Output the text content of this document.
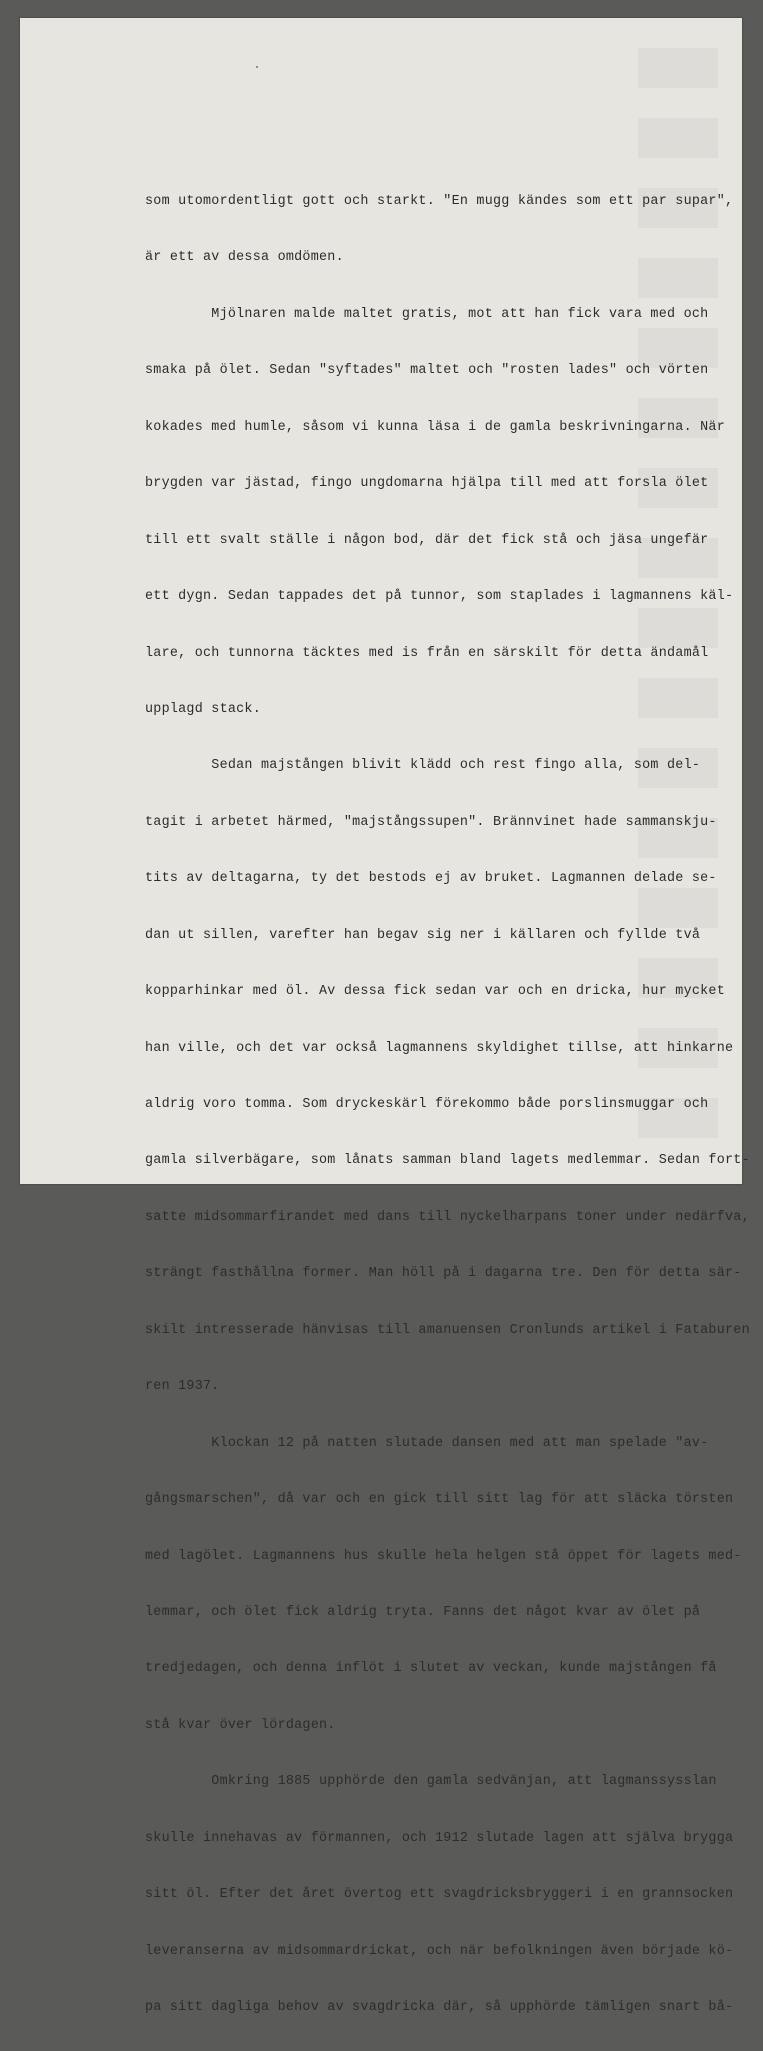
som utomordentligt gott och starkt. "En mugg kändes som ett par supar",

är ett av dessa omdömen.

Mjölnaren malde maltet gratis, mot att han fick vara med och

smaka på ölet. Sedan "syftades" maltet och "rosten lades" och vörten

kokades med humle, såsom vi kunna läsa i de gamla beskrivningarna. När

brygden var jästad, fingo ungdomarna hjälpa till med att forsla ölet

till ett svalt ställe i någon bod, där det fick stå och jäsa ungefär

ett dygn. Sedan tappades det på tunnor, som staplades i lagmannens käl-

lare, och tunnorna täcktes med is från en särskilt för detta ändamål

upplagd stack.

Sedan majstången blivit klädd och rest fingo alla, som del-

tagit i arbetet härmed, "majstångssupen". Brännvinet hade sammanskju-

tits av deltagarna, ty det bestods ej av bruket. Lagmannen delade se-

dan ut sillen, varefter han begav sig ner i källaren och fyllde två

kopparhinkar med öl. Av dessa fick sedan var och en dricka, hur mycket

han ville, och det var också lagmannens skyldighet tillse, att hinkarne

aldrig voro tomma. Som dryckeskärl förekommo både porslinsmuggar och

gamla silverbägare, som lånats samman bland lagets medlemmar. Sedan fort-

satte midsommarfirandet med dans till nyckelharpans toner under nedärfva,

strängt fasthållna former. Man höll på i dagarna tre. Den för detta sär-

skilt intresserade hänvisas till amanuensen Cronlunds artikel i Fataburen

ren 1937.

Klockan 12 på natten slutade dansen med att man spelade "av-

gångsmarschen", då var och en gick till sitt lag för att släcka törsten

med lagölet. Lagmannens hus skulle hela helgen stå öppet för lagets med-

lemmar, och ölet fick aldrig tryta. Fanns det något kvar av ölet på

tredjedagen, och denna inflöt i slutet av veckan, kunde majstången få

stå kvar över lördagen.

Omkring 1885 upphörde den gamla sedvänjan, att lagmanssysslan

skulle innehavas av förmannen, och 1912 slutade lagen att själva brygga

sitt öl. Efter det året övertog ett svagdricksbryggeri i en grannsocken

leveranserna av midsommardrickat, och när befolkningen även började kö-

pa sitt dagliga behov av svagdricka där, så upphörde tämligen snart bå-
